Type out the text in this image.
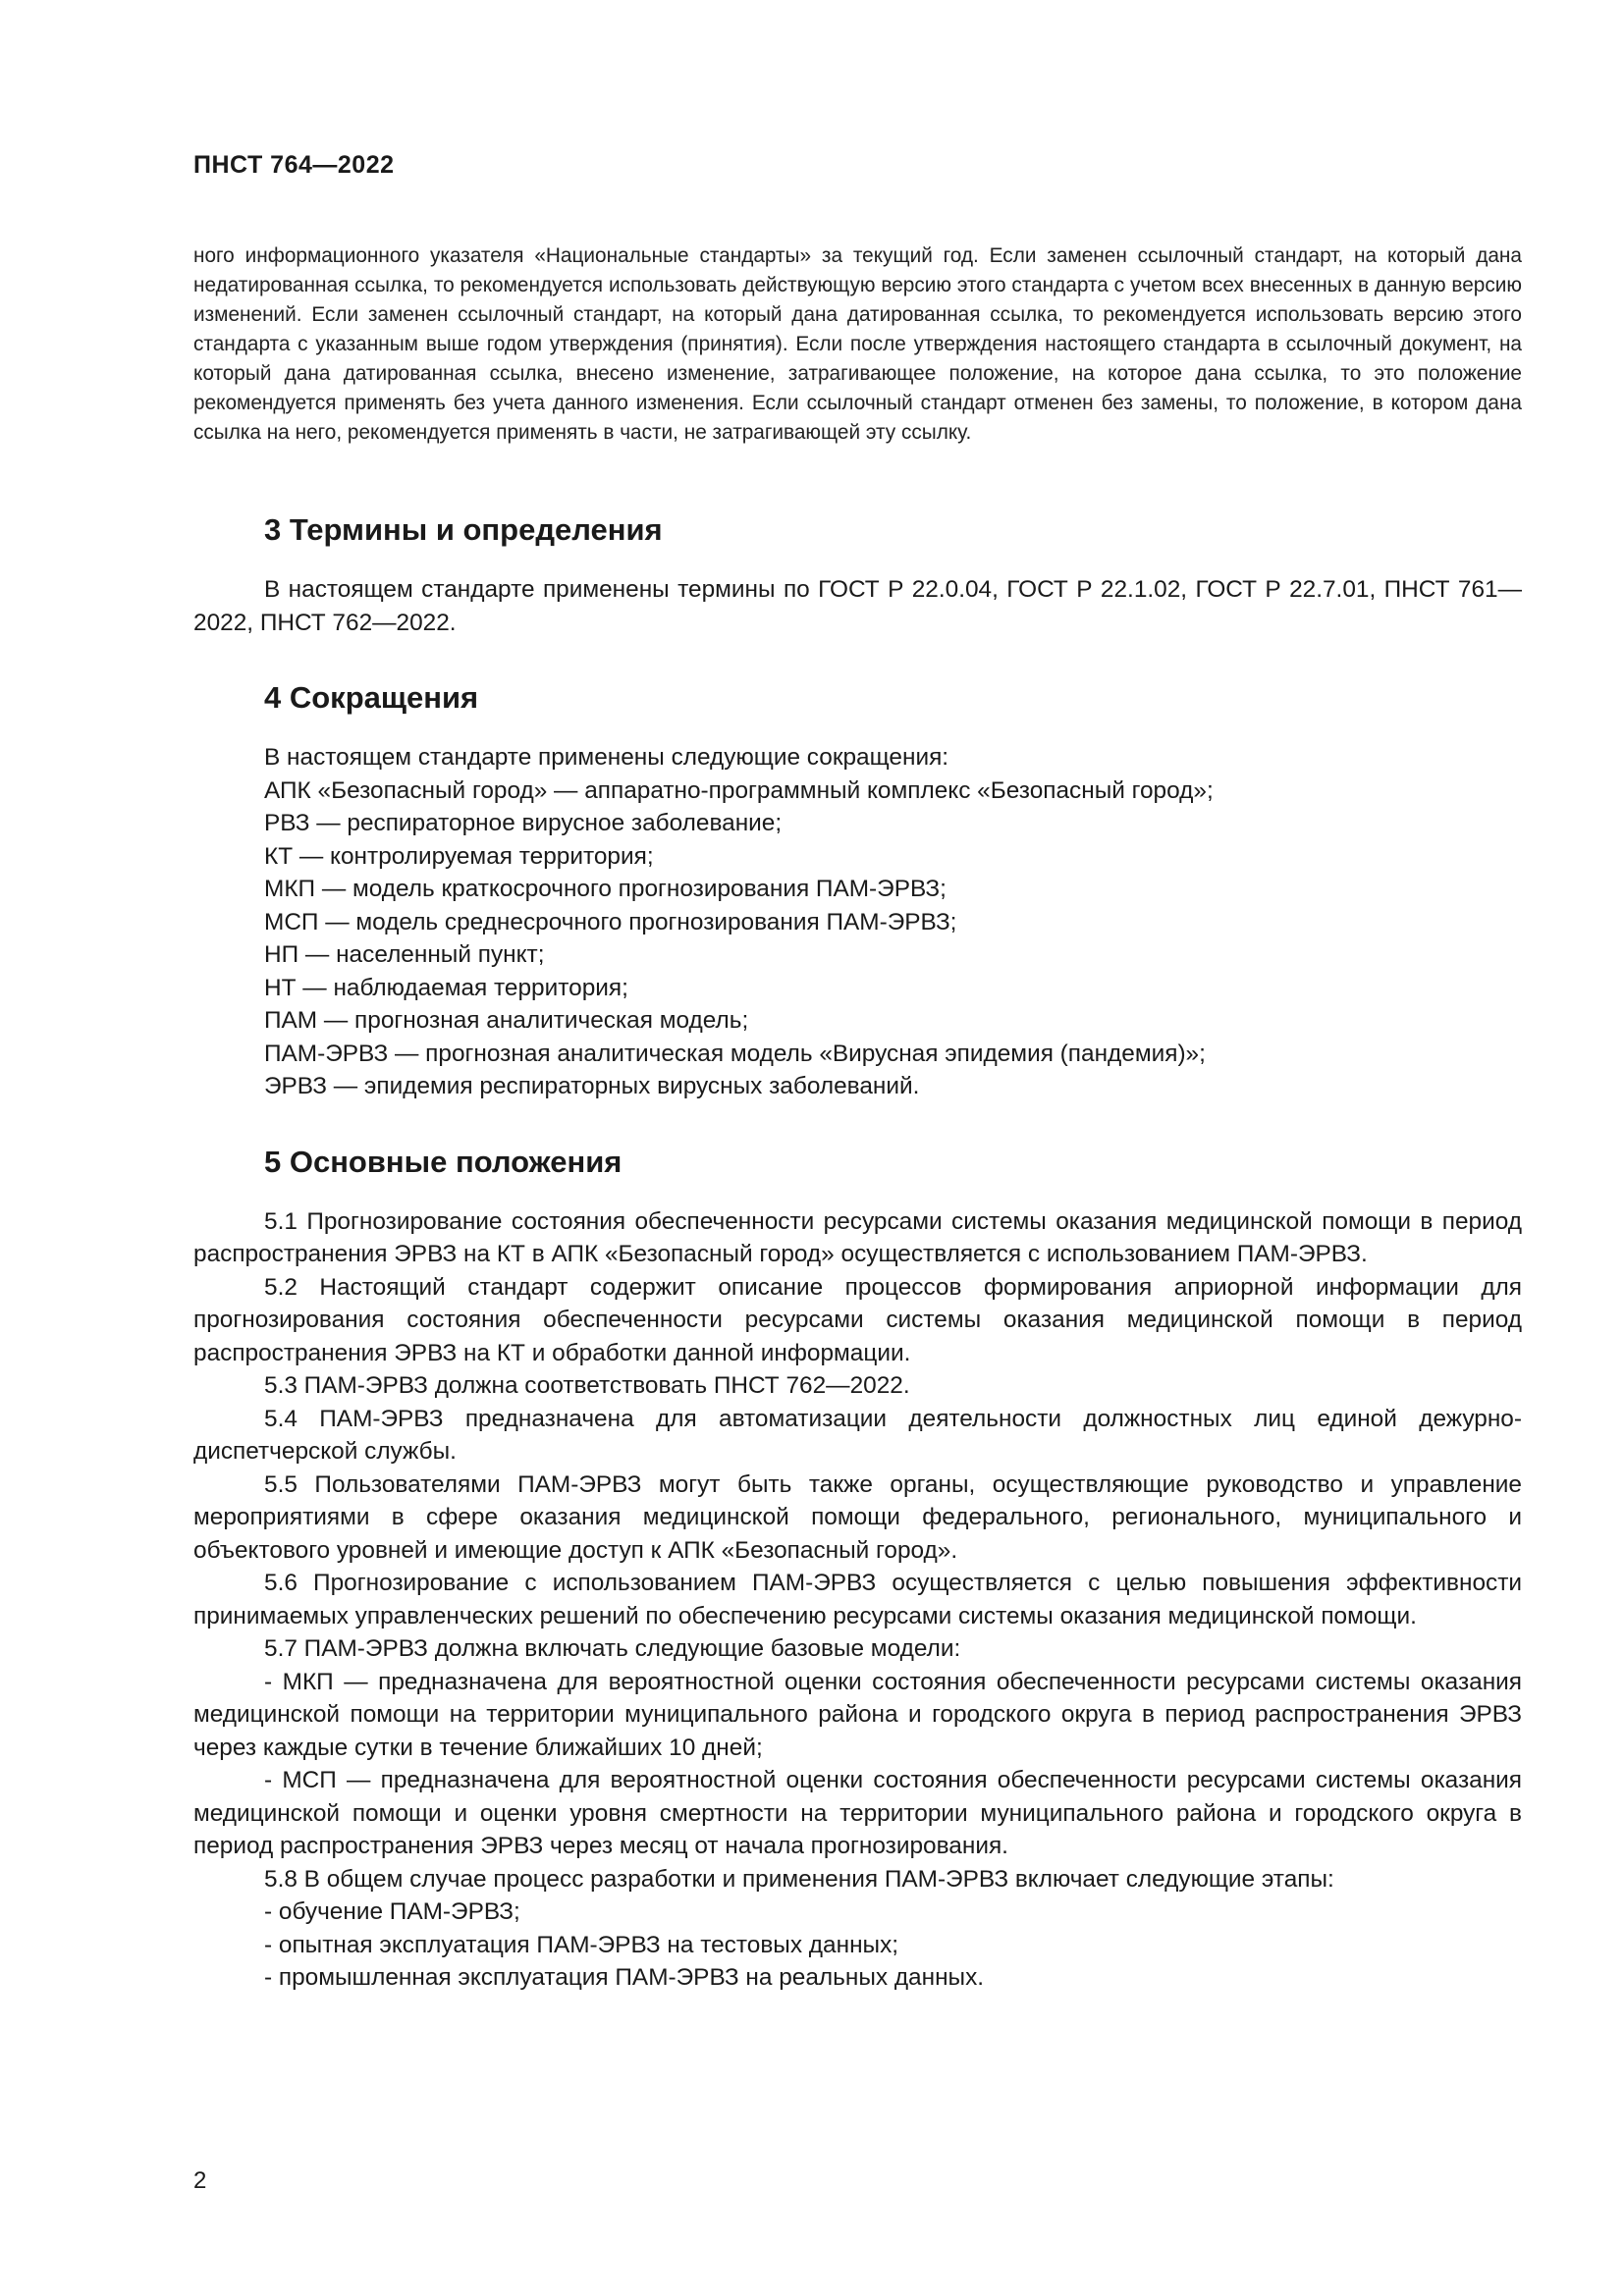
ПНСТ 764—2022

ного информационного указателя «Национальные стандарты» за текущий год. Если заменен ссылочный стандарт, на который дана недатированная ссылка, то рекомендуется использовать действующую версию этого стандарта с учетом всех внесенных в данную версию изменений. Если заменен ссылочный стандарт, на который дана датированная ссылка, то рекомендуется использовать версию этого стандарта с указанным выше годом утверждения (принятия). Если после утверждения настоящего стандарта в ссылочный документ, на который дана датированная ссылка, внесено изменение, затрагивающее положение, на которое дана ссылка, то это положение рекомендуется применять без учета данного изменения. Если ссылочный стандарт отменен без замены, то положение, в котором дана ссылка на него, рекомендуется применять в части, не затрагивающей эту ссылку.

3 Термины и определения

В настоящем стандарте применены термины по ГОСТ Р 22.0.04, ГОСТ Р 22.1.02, ГОСТ Р 22.7.01, ПНСТ 761—2022, ПНСТ 762—2022.

4 Сокращения

В настоящем стандарте применены следующие сокращения:

АПК «Безопасный город» — аппаратно-программный комплекс «Безопасный город»;

РВЗ — респираторное вирусное заболевание;

КТ — контролируемая территория;

МКП — модель краткосрочного прогнозирования ПАМ-ЭРВЗ;

МСП — модель среднесрочного прогнозирования ПАМ-ЭРВЗ;

НП — населенный пункт;

НТ — наблюдаемая территория;

ПАМ — прогнозная аналитическая модель;

ПАМ-ЭРВЗ — прогнозная аналитическая модель «Вирусная эпидемия (пандемия)»;

ЭРВЗ — эпидемия респираторных вирусных заболеваний.

5 Основные положения

5.1 Прогнозирование состояния обеспеченности ресурсами системы оказания медицинской помощи в период распространения ЭРВЗ на КТ в АПК «Безопасный город» осуществляется с использованием ПАМ-ЭРВЗ.

5.2 Настоящий стандарт содержит описание процессов формирования априорной информации для прогнозирования состояния обеспеченности ресурсами системы оказания медицинской помощи в период распространения ЭРВЗ на КТ и обработки данной информации.

5.3 ПАМ-ЭРВЗ должна соответствовать ПНСТ 762—2022.

5.4 ПАМ-ЭРВЗ предназначена для автоматизации деятельности должностных лиц единой дежурно-диспетчерской службы.

5.5 Пользователями ПАМ-ЭРВЗ могут быть также органы, осуществляющие руководство и управление мероприятиями в сфере оказания медицинской помощи федерального, регионального, муниципального и объектового уровней и имеющие доступ к АПК «Безопасный город».

5.6 Прогнозирование с использованием ПАМ-ЭРВЗ осуществляется с целью повышения эффективности принимаемых управленческих решений по обеспечению ресурсами системы оказания медицинской помощи.

5.7 ПАМ-ЭРВЗ должна включать следующие базовые модели:

- МКП — предназначена для вероятностной оценки состояния обеспеченности ресурсами системы оказания медицинской помощи на территории муниципального района и городского округа в период распространения ЭРВЗ через каждые сутки в течение ближайших 10 дней;

- МСП — предназначена для вероятностной оценки состояния обеспеченности ресурсами системы оказания медицинской помощи и оценки уровня смертности на территории муниципального района и городского округа в период распространения ЭРВЗ через месяц от начала прогнозирования.

5.8 В общем случае процесс разработки и применения ПАМ-ЭРВЗ включает следующие этапы:

- обучение ПАМ-ЭРВЗ;

- опытная эксплуатация ПАМ-ЭРВЗ на тестовых данных;

- промышленная эксплуатация ПАМ-ЭРВЗ на реальных данных.

2
